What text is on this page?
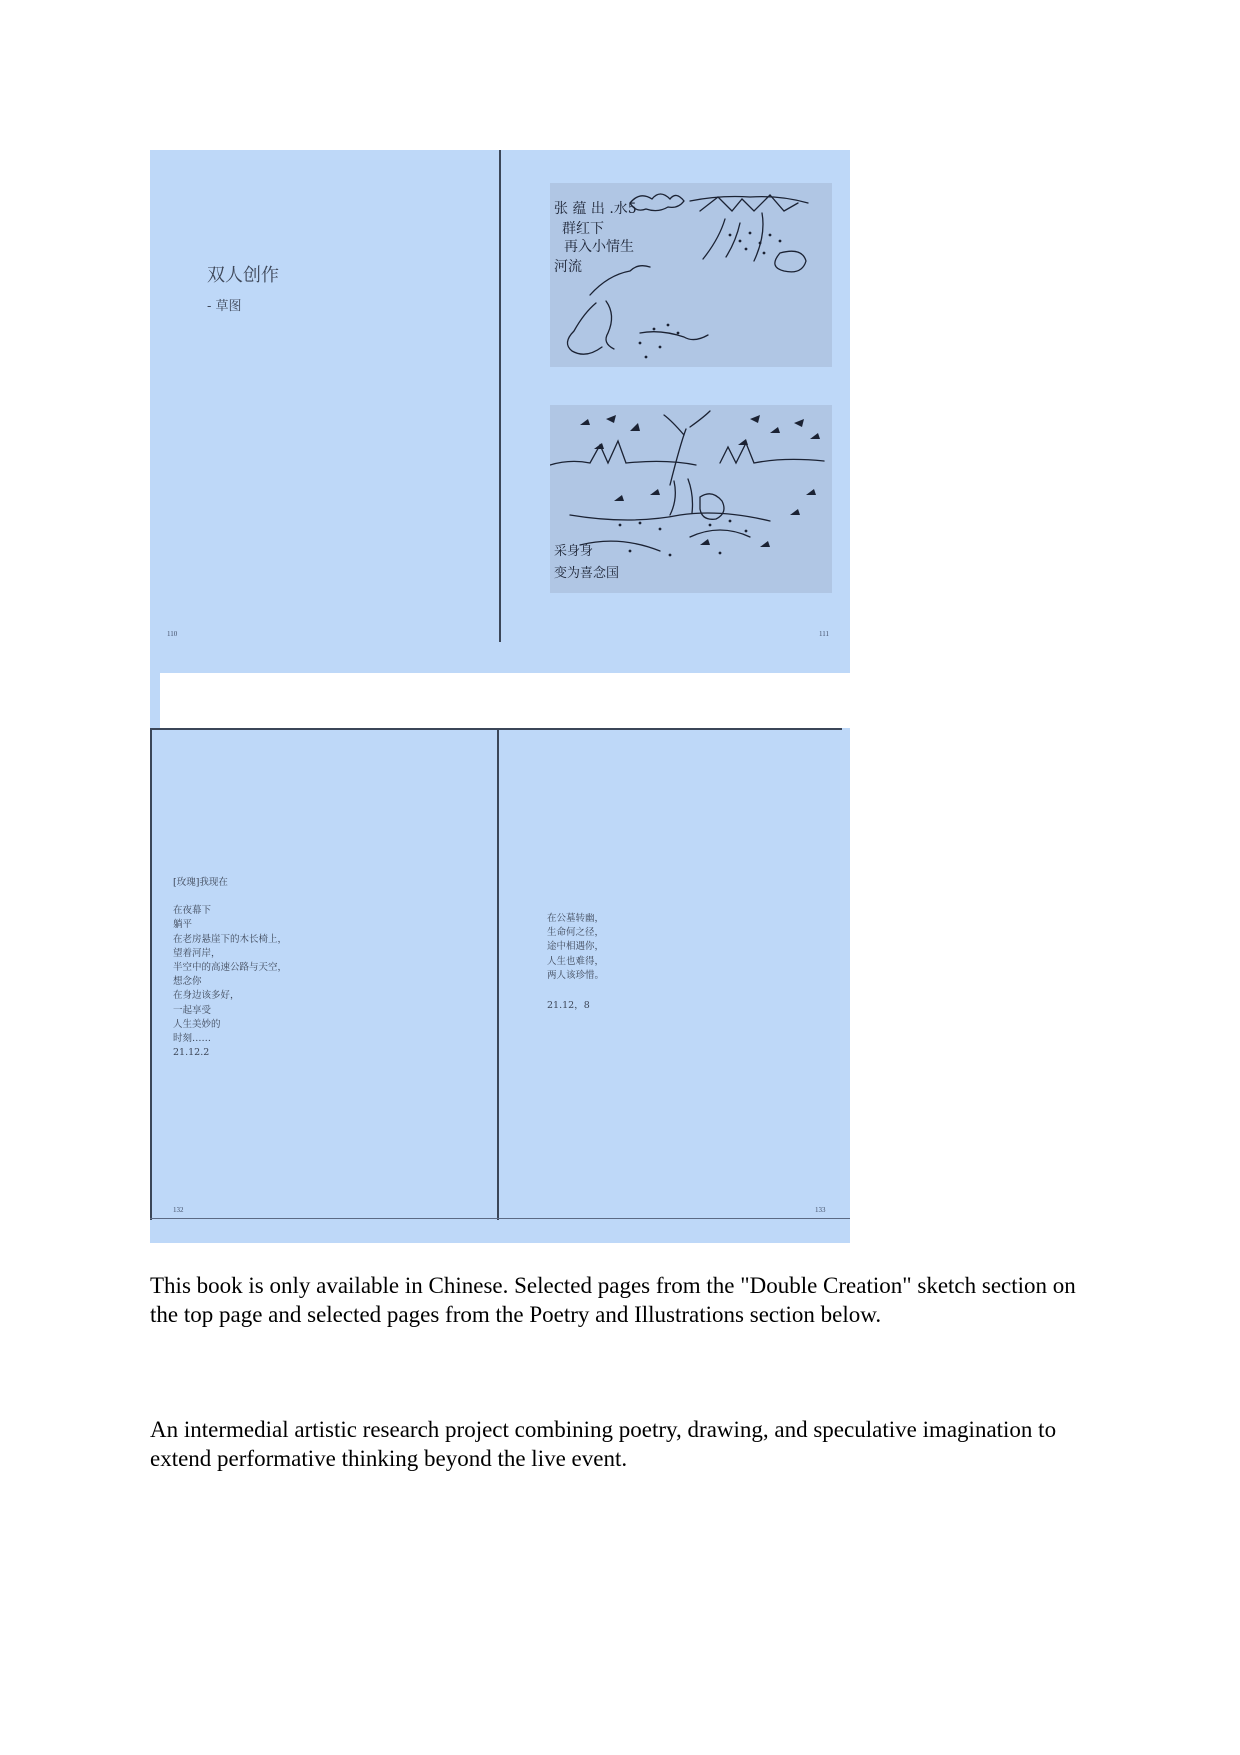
双人创作
- 草图
张 蕴 出 .水5
群红下
再入小情生
河流
采身身
变为喜念国
110	111
[玫瑰]我现在
在夜幕下
躺平
在老房悬崖下的木长椅上，
望着河岸，
半空中的高速公路与天空，
想念你
在身边该多好，
一起享受
人生美妙的
时刻……
21.12.2
在公墓转幽，
生命何之径，
途中相遇你，
人生也难得，
两人该珍惜。
21.12，8
132	133

This book is only available in Chinese. Selected pages from the "Double Creation" sketch section on the top page and selected pages from the Poetry and Illustrations section below.

An intermedial artistic research project combining poetry, drawing, and speculative imagination to extend performative thinking beyond the live event.
